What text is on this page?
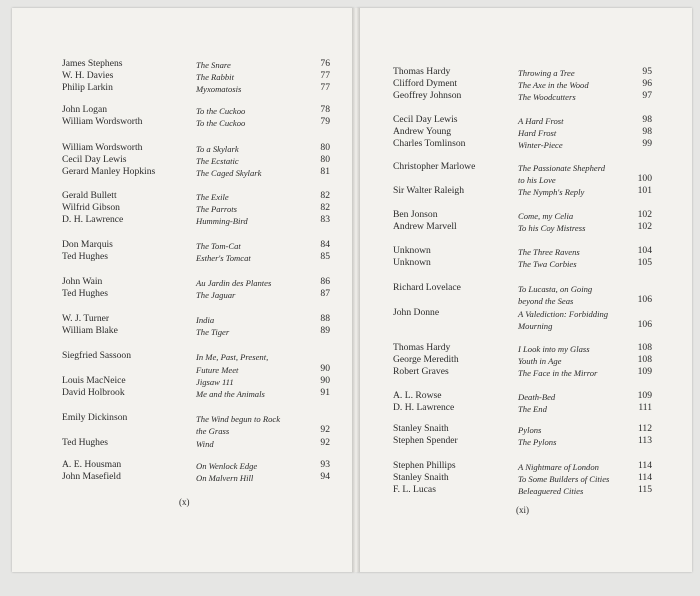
(x)
(xi)
James Stephens	The Snare	76
W. H. Davies	The Rabbit	77
Philip Larkin	Myxomatosis	77
John Logan	To the Cuckoo	78
William Wordsworth	To the Cuckoo	79
William Wordsworth	To a Skylark	80
Cecil Day Lewis	The Ecstatic	80
Gerard Manley Hopkins	The Caged Skylark	81
Gerald Bullett	The Exile	82
Wilfrid Gibson	The Parrots	82
D. H. Lawrence	Humming-Bird	83
Don Marquis	The Tom-Cat	84
Ted Hughes	Esther's Tomcat	85
John Wain	Au Jardin des Plantes	86
Ted Hughes	The Jaguar	87
W. J. Turner	India	88
William Blake	The Tiger	89
Siegfried Sassoon	In Me, Past, Present,
Future Meet	90
Louis MacNeice	Jigsaw 111	90
David Holbrook	Me and the Animals	91
Emily Dickinson	The Wind begun to Rock
the Grass	92
Ted Hughes	Wind	92
A. E. Housman	On Wenlock Edge	93
John Masefield	On Malvern Hill	94
Thomas Hardy	Throwing a Tree	95
Clifford Dyment	The Axe in the Wood	96
Geoffrey Johnson	The Woodcutters	97
Cecil Day Lewis	A Hard Frost	98
Andrew Young	Hard Frost	98
Charles Tomlinson	Winter-Piece	99
Christopher Marlowe	The Passionate Shepherd
to his Love	100
Sir Walter Raleigh	The Nymph's Reply	101
Ben Jonson	Come, my Celia	102
Andrew Marvell	To his Coy Mistress	102
Unknown	The Three Ravens	104
Unknown	The Twa Corbies	105
Richard Lovelace	To Lucasta, on Going
beyond the Seas	106
John Donne	A Valediction: Forbidding
Mourning	106
Thomas Hardy	I Look into my Glass	108
George Meredith	Youth in Age	108
Robert Graves	The Face in the Mirror	109
A. L. Rowse	Death-Bed	109
D. H. Lawrence	The End	111
Stanley Snaith	Pylons	112
Stephen Spender	The Pylons	113
Stephen Phillips	A Nightmare of London	114
Stanley Snaith	To Some Builders of Cities	114
F. L. Lucas	Beleaguered Cities	115
